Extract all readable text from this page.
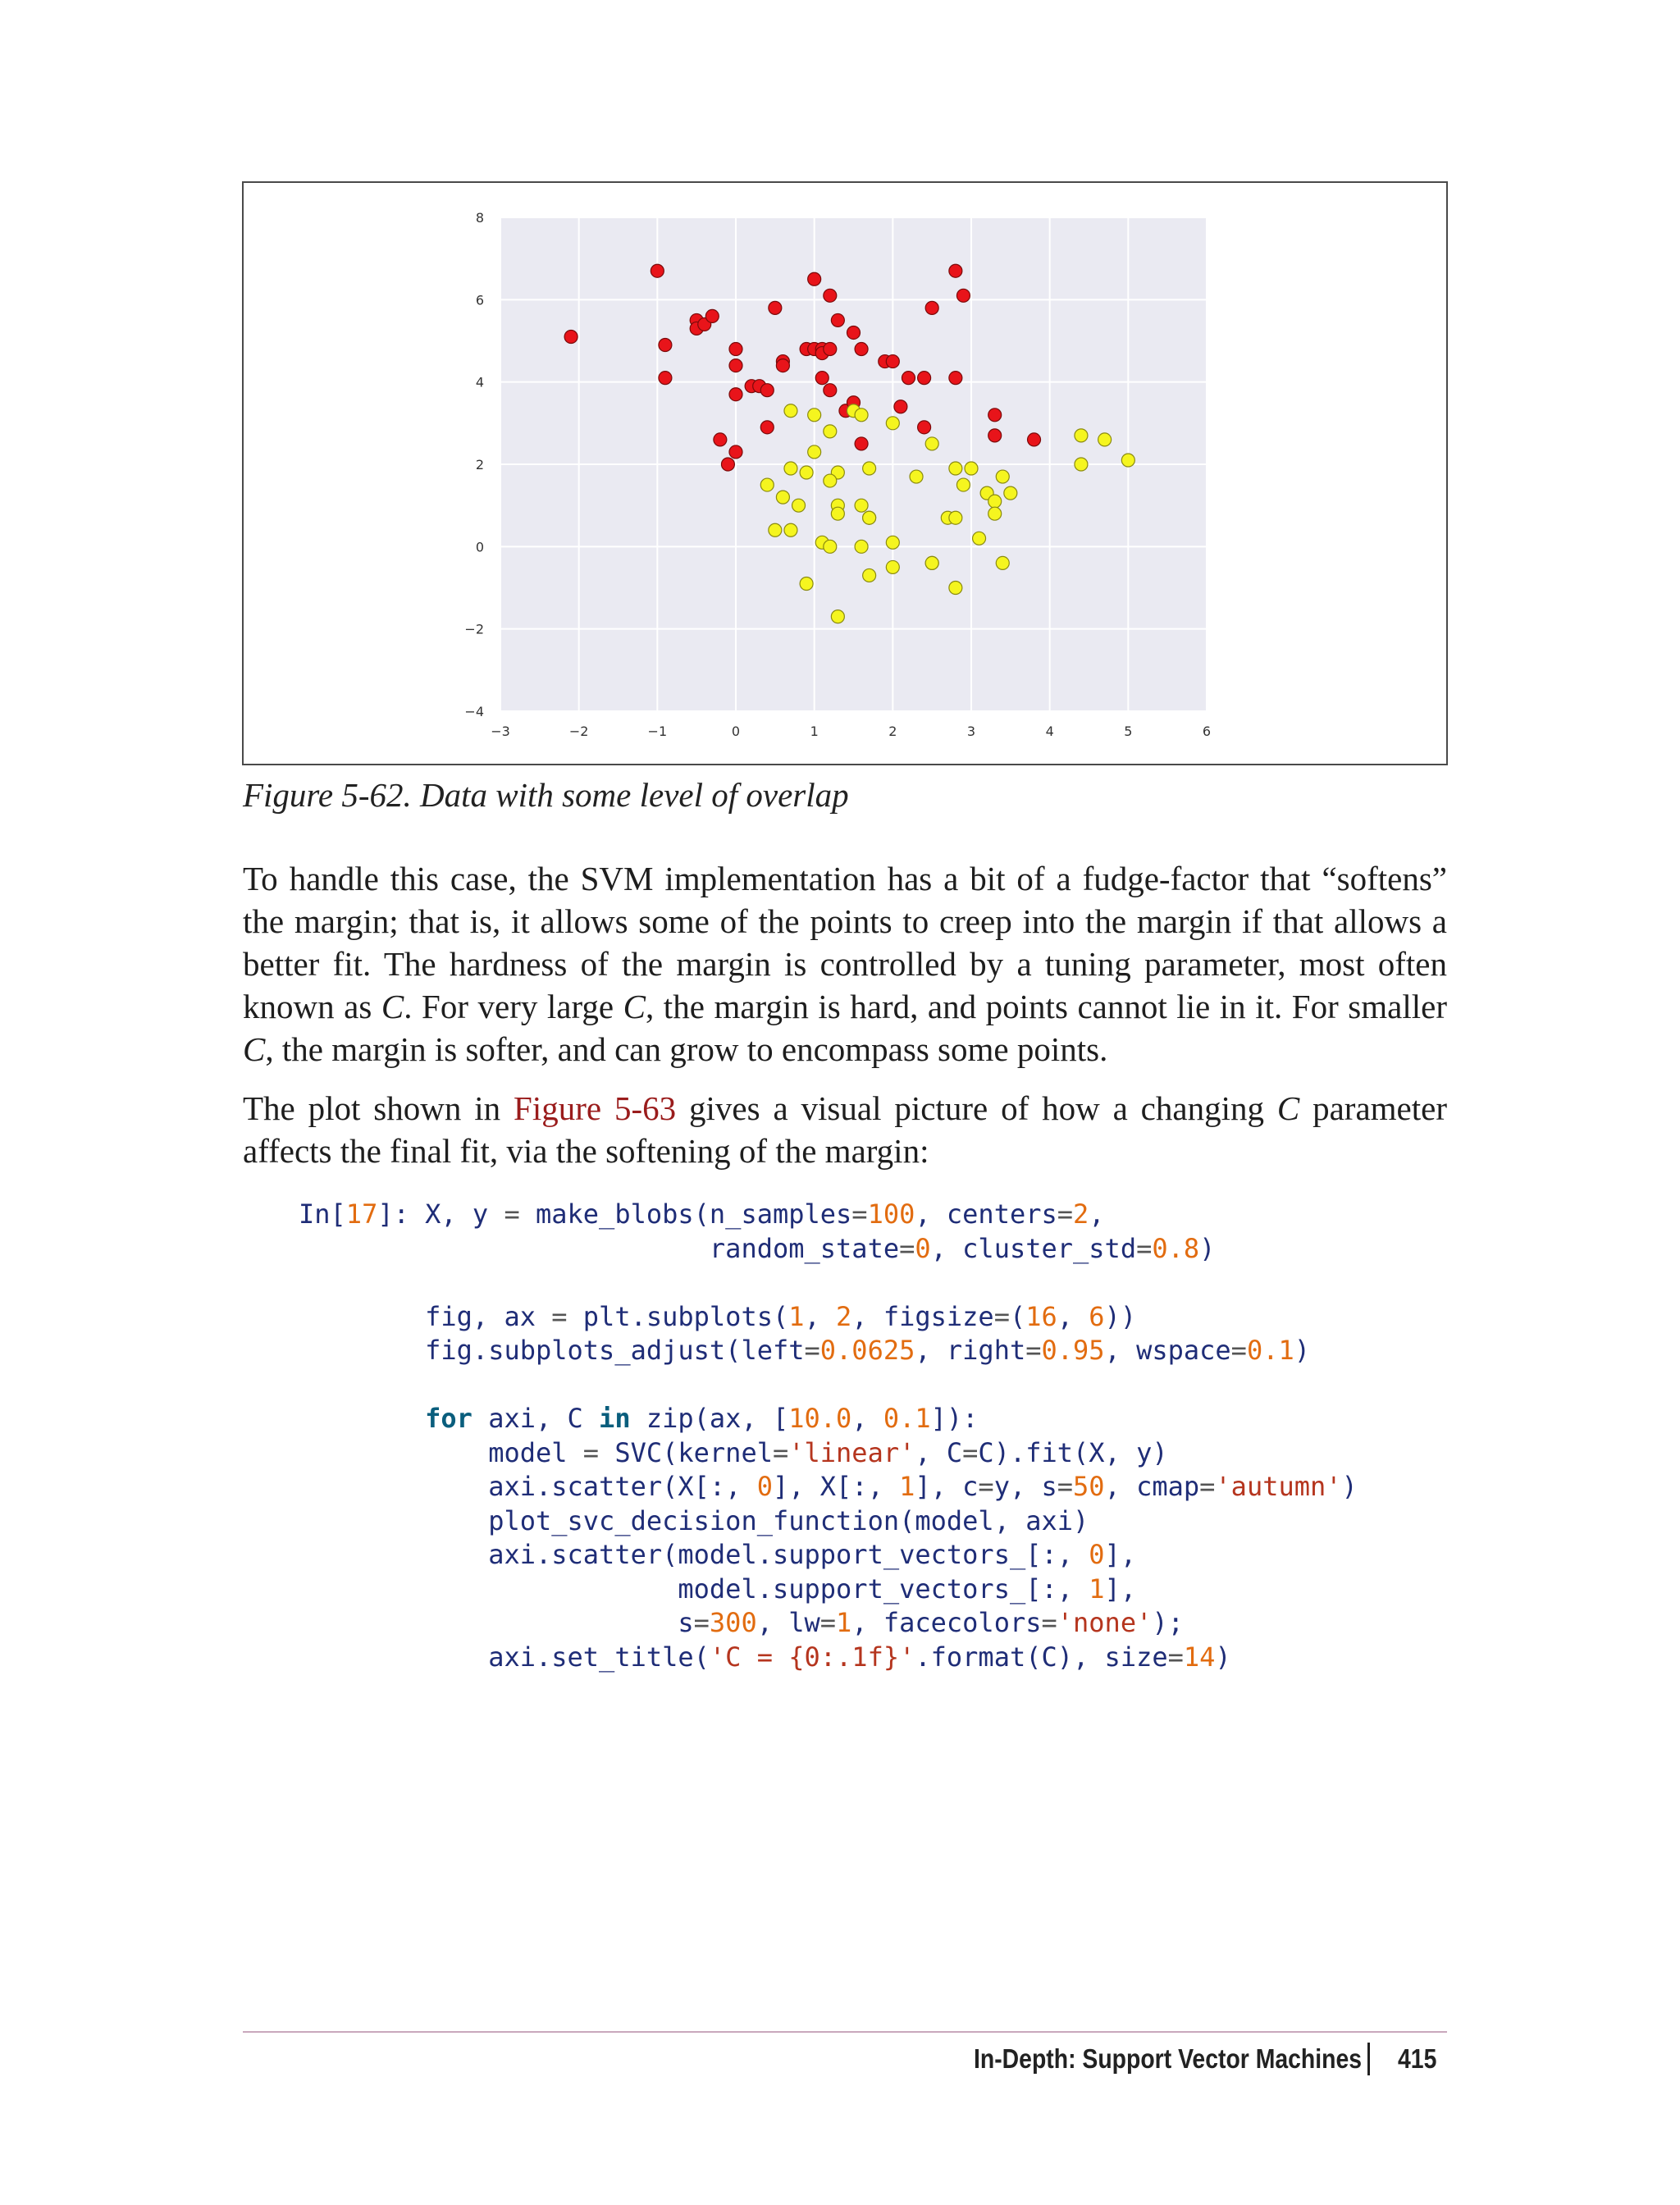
−3	−2	−1	0	1	2	3	4	5	6
−4
−2
0
2
4
6
8
Figure 5-62. Data with some level of overlap

To handle this case, the SVM implementation has a bit of a fudge-factor that “softens” the margin; that is, it allows some of the points to creep into the margin if that allows a better fit. The hardness of the margin is controlled by a tuning parameter, most often known as C. For very large C, the margin is hard, and points cannot lie in it. For smaller C, the margin is softer, and can grow to encompass some points.

The plot shown in Figure 5-63 gives a visual picture of how a changing C parameter affects the final fit, via the softening of the margin:

In[17]: X, y = make_blobs(n_samples=100, centers=2,
random_state=0, cluster_std=0.8)

fig, ax = plt.subplots(1, 2, figsize=(16, 6))
fig.subplots_adjust(left=0.0625, right=0.95, wspace=0.1)

for axi, C in zip(ax, [10.0, 0.1]):
model = SVC(kernel='linear', C=C).fit(X, y)
axi.scatter(X[:, 0], X[:, 1], c=y, s=50, cmap='autumn')
plot_svc_decision_function(model, axi)
axi.scatter(model.support_vectors_[:, 0],
model.support_vectors_[:, 1],
s=300, lw=1, facecolors='none');
axi.set_title('C = {0:.1f}'.format(C), size=14)
In-Depth: Support Vector Machines 415
